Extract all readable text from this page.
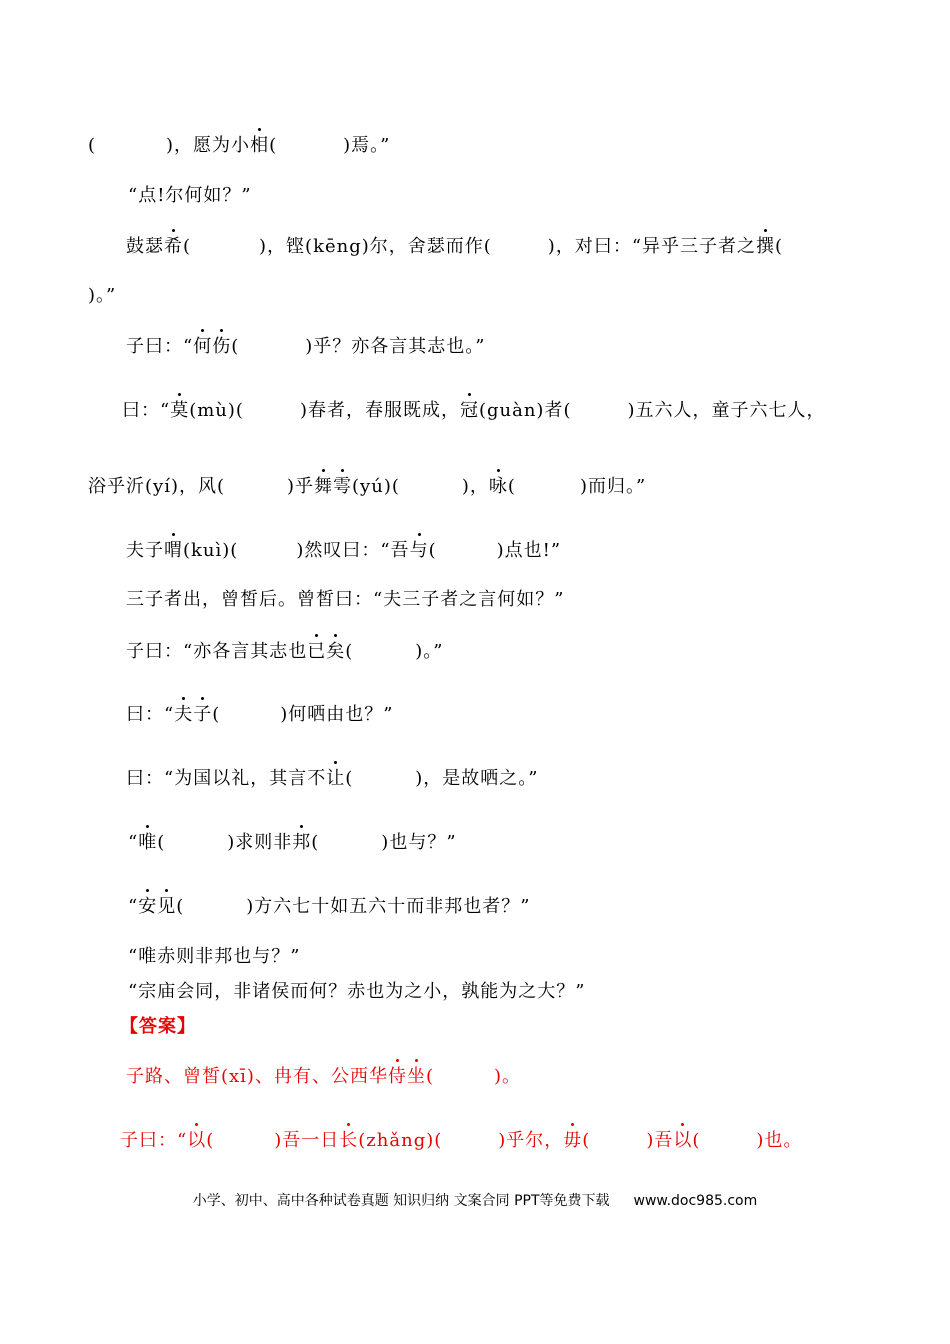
(	)，愿为小相(	)焉。”
“点!尔何如？”
鼓瑟希(	)，铿(kēng)尔，舍瑟而作(	)，对曰：“异乎三子者之撰(
)。”
子曰：“何伤(	)乎？亦各言其志也。”
曰：“莫(mù)(	)春者，春服既成，冠(guàn)者(	)五六人，童子六七人，
浴乎沂(yí)，风(	)乎舞雩(yú)(	)，咏(	)而归。”
夫子喟(kuì)(	)然叹曰：“吾与(	)点也!”
三子者出，曾皙后。曾皙曰：“夫三子者之言何如？”
子曰：“亦各言其志也已矣(	)。”
曰：“夫子(	)何哂由也？”
曰：“为国以礼，其言不让(	)，是故哂之。”
“唯(	)求则非邦(	)也与？”
“安见(	)方六七十如五六十而非邦也者？”
“唯赤则非邦也与？”
“宗庙会同，非诸侯而何？赤也为之小，孰能为之大？”
【答案】
子路、曾皙(xī)、冉有、公西华侍坐(	)。
子曰：“以(	)吾一日长(zhǎng)(	)乎尔，毋(	)吾以(	)也。
小学、初中、高中各种试卷真题 知识归纳 文案合同 PPT等免费下载 www.doc985.com
